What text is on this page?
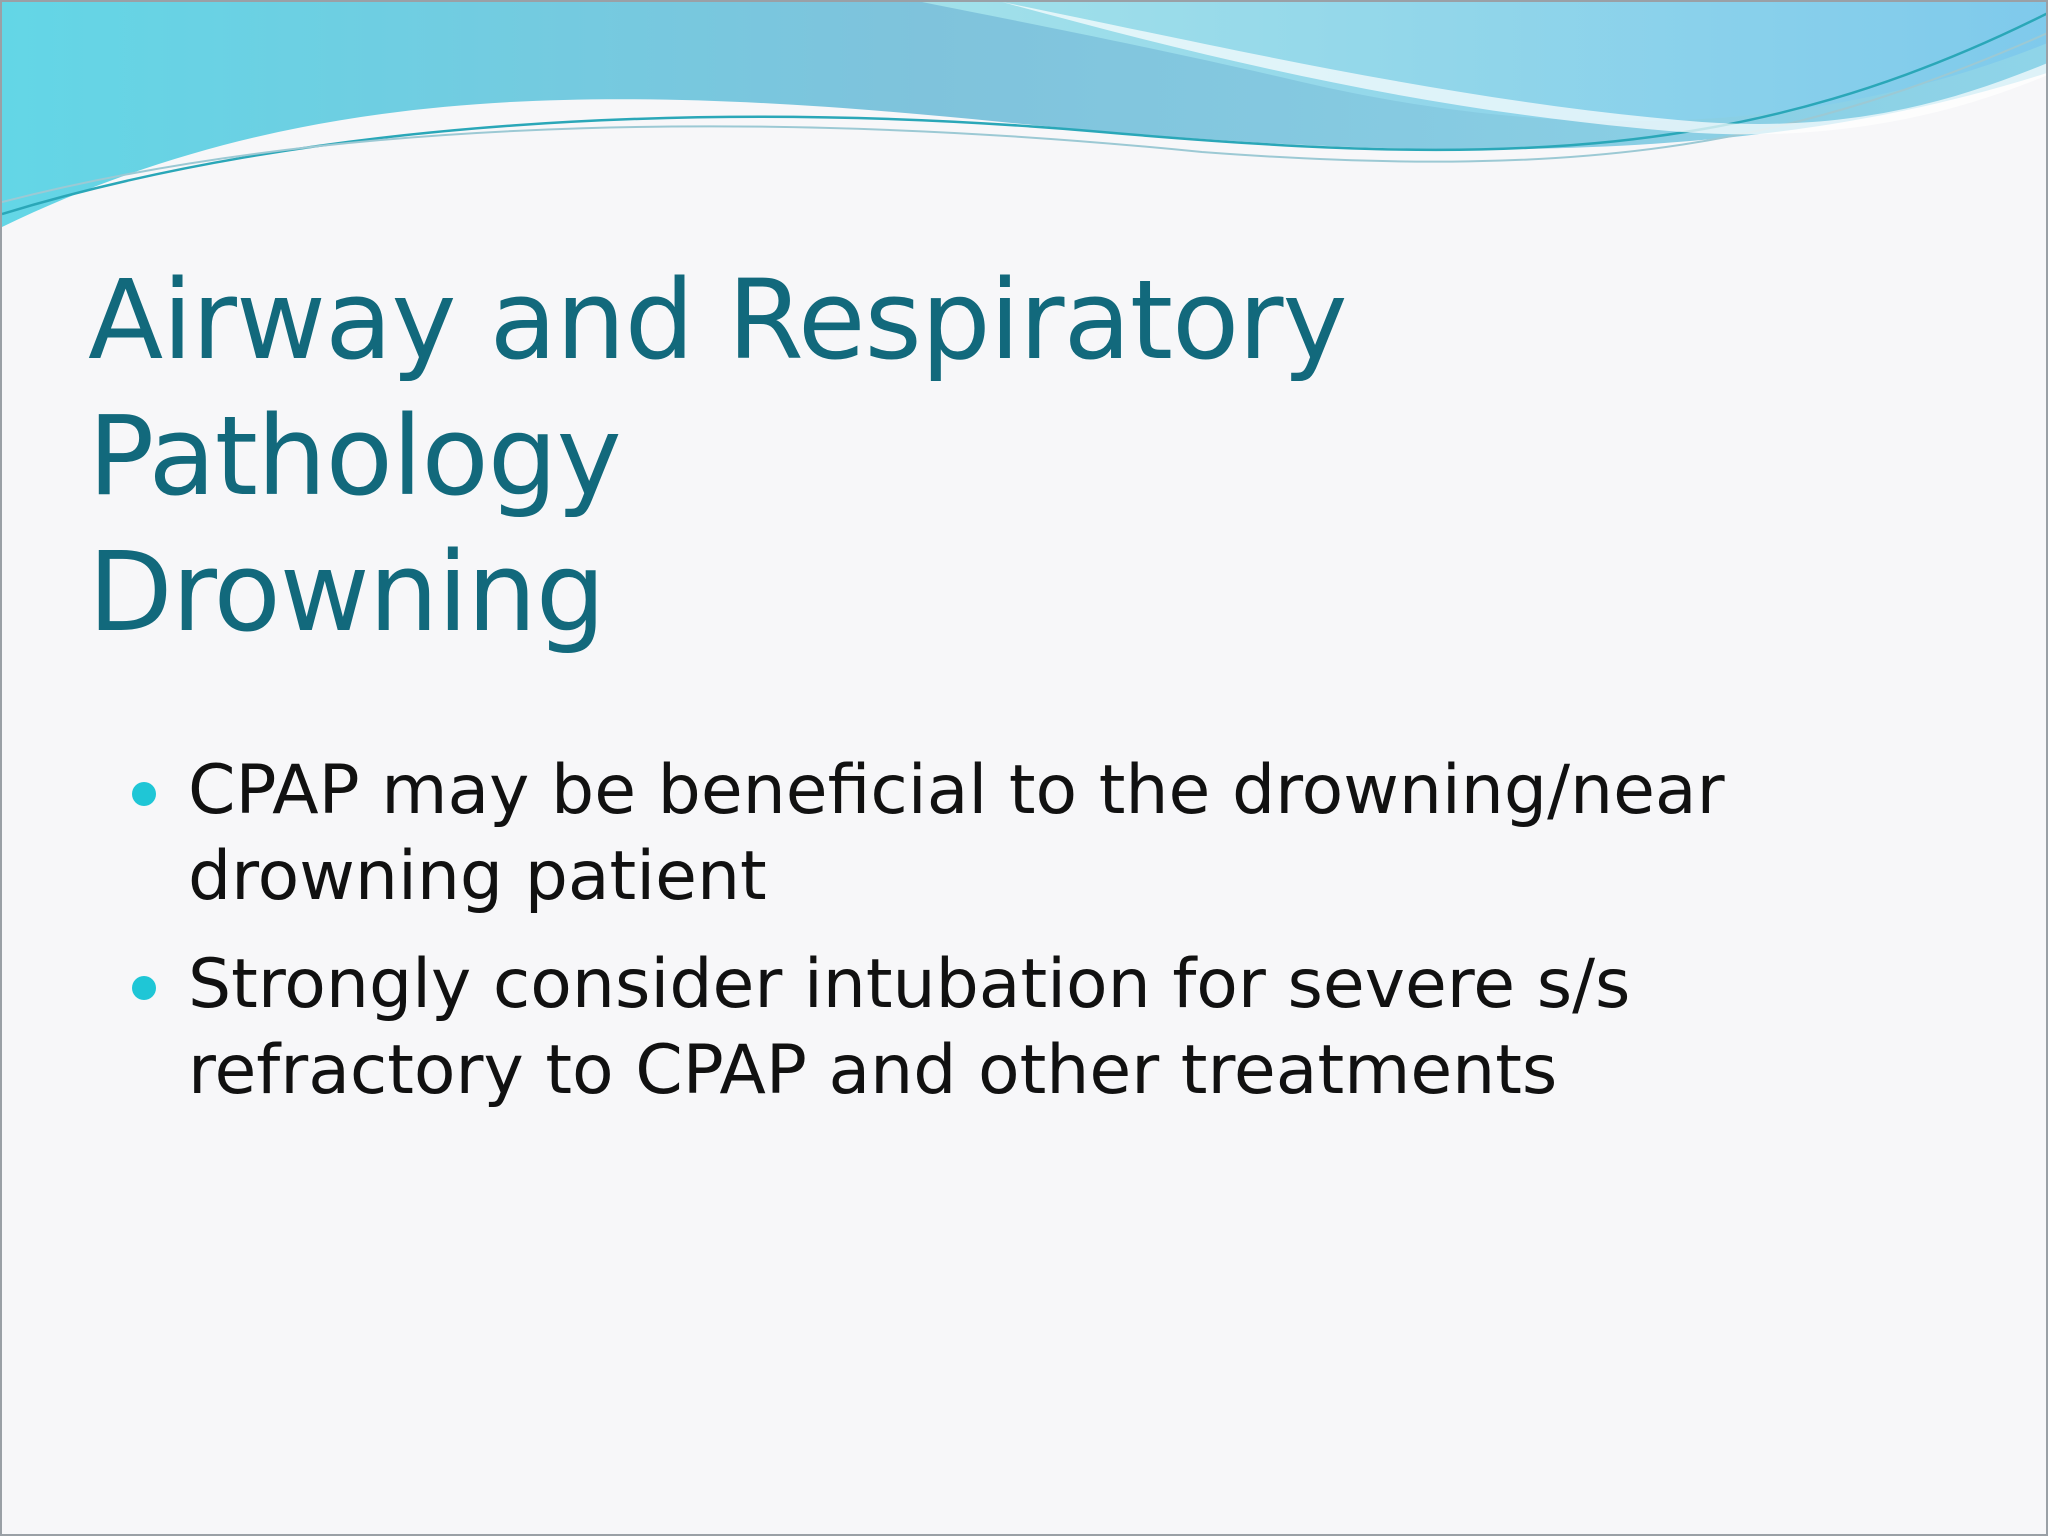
Airway and Respiratory
Pathology
Drowning
CPAP may be beneficial to the drowning/near
drowning patient
Strongly consider intubation for severe s/s
refractory to CPAP and other treatments
